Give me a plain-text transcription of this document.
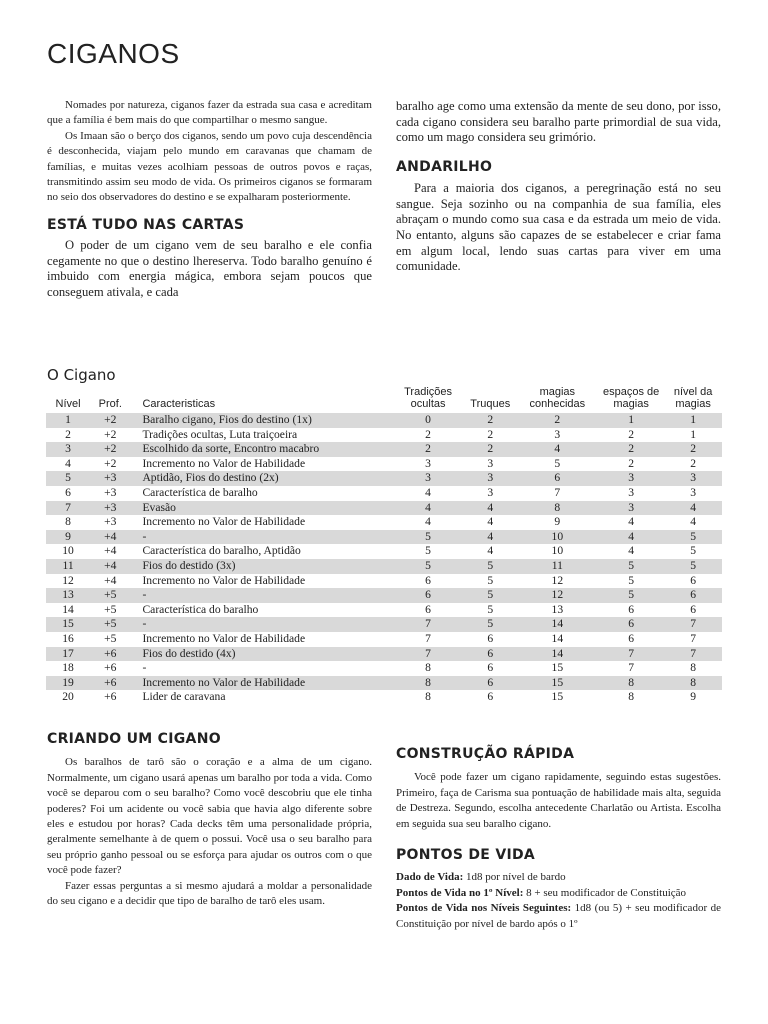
CIGANOS

Nomades por natureza, ciganos fazer da estrada sua casa e acreditam que a família é bem mais do que compartilhar o mesmo sangue.

Os Imaan são o berço dos ciganos, sendo um povo cuja descendência é desconhecida, viajam pelo mundo em caravanas que chamam de famílias, e muitas vezes acolhiam pessoas de outros povos e raças, transmitindo assim seu modo de vida. Os primeiros ciganos se formaram no seio dos observadores do destino e se expalharam posteriormente.

ESTÁ TUDO NAS CARTAS

O poder de um cigano vem de seu baralho e ele confia cegamente no que o destino lhereserva. Todo baralho genuíno é imbuido com energia mágica, embora sejam poucos que conseguem ativala, e cada

baralho age como uma extensão da mente de seu dono, por isso, cada cigano considera seu baralho parte primordial de sua vida, como um mago considera seu grimório.

ANDARILHO

Para a maioria dos ciganos, a peregrinação está no seu sangue. Seja sozinho ou na companhia de sua família, eles abraçam o mundo como sua casa e da estrada um meio de vida. No entanto, alguns são capazes de se estabelecer e criar fama em algum local, lendo suas cartas para viver em uma comunidade.

O Cigano
Nível	Prof.	Caracteristicas	Tradições ocultas	Truques	magias conhecidas	espaços de magias	nível da magias
1	+2	Baralho cigano, Fios do destino (1x)	0	2	2	1	1
2	+2	Tradições ocultas, Luta traiçoeira	2	2	3	2	1
3	+2	Escolhido da sorte, Encontro macabro	2	2	4	2	2
4	+2	Incremento no Valor de Habilidade	3	3	5	2	2
5	+3	Aptidão, Fios do destino (2x)	3	3	6	3	3
6	+3	Característica de baralho	4	3	7	3	3
7	+3	Evasão	4	4	8	3	4
8	+3	Incremento no Valor de Habilidade	4	4	9	4	4
9	+4	-	5	4	10	4	5
10	+4	Característica do baralho, Aptidão	5	4	10	4	5
11	+4	Fios do destido (3x)	5	5	11	5	5
12	+4	Incremento no Valor de Habilidade	6	5	12	5	6
13	+5	-	6	5	12	5	6
14	+5	Característica do baralho	6	5	13	6	6
15	+5	-	7	5	14	6	7
16	+5	Incremento no Valor de Habilidade	7	6	14	6	7
17	+6	Fios do destido (4x)	7	6	14	7	7
18	+6	-	8	6	15	7	8
19	+6	Incremento no Valor de Habilidade	8	6	15	8	8
20	+6	Lider de caravana	8	6	15	8	9
CRIANDO UM CIGANO

Os baralhos de tarô são o coração e a alma de um cigano. Normalmente, um cigano usará apenas um baralho por toda a vida. Como você se deparou com o seu baralho? Como você descobriu que ele tinha poderes? Foi um acidente ou você sabia que havia algo diferente sobre eles e estudou por horas? Cada decks têm uma personalidade própria, geralmente semelhante à de quem o possui. Você usa o seu baralho para seu próprio ganho pessoal ou se esforça para ajudar os outros com o que você pode fazer?

Fazer essas perguntas a si mesmo ajudará a moldar a personalidade do seu cigano e a decidir que tipo de baralho de tarô eles usam.

CONSTRUÇÃO RÁPIDA

Você pode fazer um cigano rapidamente, seguindo estas sugestões. Primeiro, faça de Carisma sua pontuação de habilidade mais alta, seguida de Destreza. Segundo, escolha antecedente Charlatão ou Artista. Escolha em seguida sua seu baralho cigano.

PONTOS DE VIDA

Dado de Vida: 1d8 por nível de bardo

Pontos de Vida no 1º Nível: 8 + seu modificador de Constituição

Pontos de Vida nos Níveis Seguintes: 1d8 (ou 5) + seu modificador de Constituição por nível de bardo após o 1º
